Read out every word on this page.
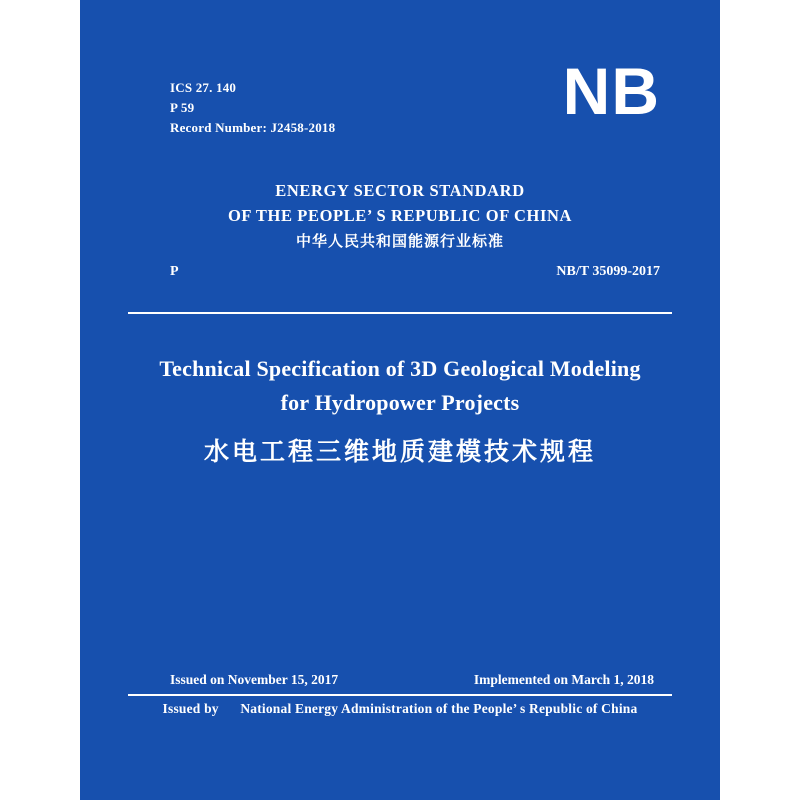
ICS 27. 140
P 59
Record Number: J2458-2018	NB
ENERGY SECTOR STANDARD
OF THE PEOPLE’ S REPUBLIC OF CHINA
中华人民共和国能源行业标准
P	NB/T 35099-2017
Technical Specification of 3D Geological Modeling
for Hydropower Projects
水电工程三维地质建模技术规程
Issued on November 15, 2017	Implemented on March 1, 2018
Issued by National Energy Administration of the People’ s Republic of China
